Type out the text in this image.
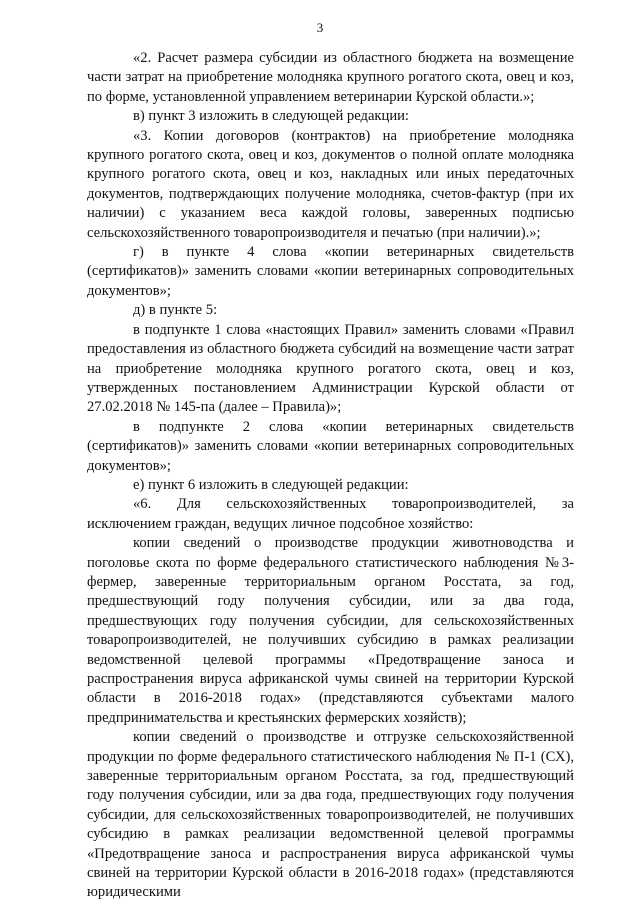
3

«2. Расчет размера субсидии из областного бюджета на возмещение части затрат на приобретение молодняка крупного рогатого скота, овец и коз, по форме, установленной управлением ветеринарии Курской области.»;

в) пункт 3 изложить в следующей редакции:

«3. Копии договоров (контрактов) на приобретение молодняка крупного рогатого скота, овец и коз, документов о полной оплате молодняка крупного рогатого скота, овец и коз, накладных или иных передаточных документов, подтверждающих получение молодняка, счетов-фактур (при их наличии) с указанием веса каждой головы, заверенных подписью сельскохозяйственного товаропроизводителя и печатью (при наличии).»;

г) в пункте 4 слова «копии ветеринарных свидетельств (сертификатов)» заменить словами «копии ветеринарных сопроводительных документов»;

д) в пункте 5:

в подпункте 1 слова «настоящих Правил» заменить словами «Правил предоставления из областного бюджета субсидий на возмещение части затрат на приобретение молодняка крупного рогатого скота, овец и коз, утвержденных постановлением Администрации Курской области от 27.02.2018 № 145-па (далее – Правила)»;

в подпункте 2 слова «копии ветеринарных свидетельств (сертификатов)» заменить словами «копии ветеринарных сопроводительных документов»;

е) пункт 6 изложить в следующей редакции:

«6. Для сельскохозяйственных товаропроизводителей, за исключением граждан, ведущих личное подсобное хозяйство:

копии сведений о производстве продукции животноводства и поголовье скота по форме федерального статистического наблюдения №3-фермер, заверенные территориальным органом Росстата, за год, предшествующий году получения субсидии, или за два года, предшествующих году получения субсидии, для сельскохозяйственных товаропроизводителей, не получивших субсидию в рамках реализации ведомственной целевой программы «Предотвращение заноса и распространения вируса африканской чумы свиней на территории Курской области в 2016-2018 годах» (представляются субъектами малого предпринимательства и крестьянских фермерских хозяйств);

копии сведений о производстве и отгрузке сельскохозяйственной продукции по форме федерального статистического наблюдения № П-1 (СХ), заверенные территориальным органом Росстата, за год, предшествующий году получения субсидии, или за два года, предшествующих году получения субсидии, для сельскохозяйственных товаропроизводителей, не получивших субсидию в рамках реализации ведомственной целевой программы «Предотвращение заноса и распространения вируса африканской чумы свиней на территории Курской области в 2016-2018 годах» (представляются юридическими
